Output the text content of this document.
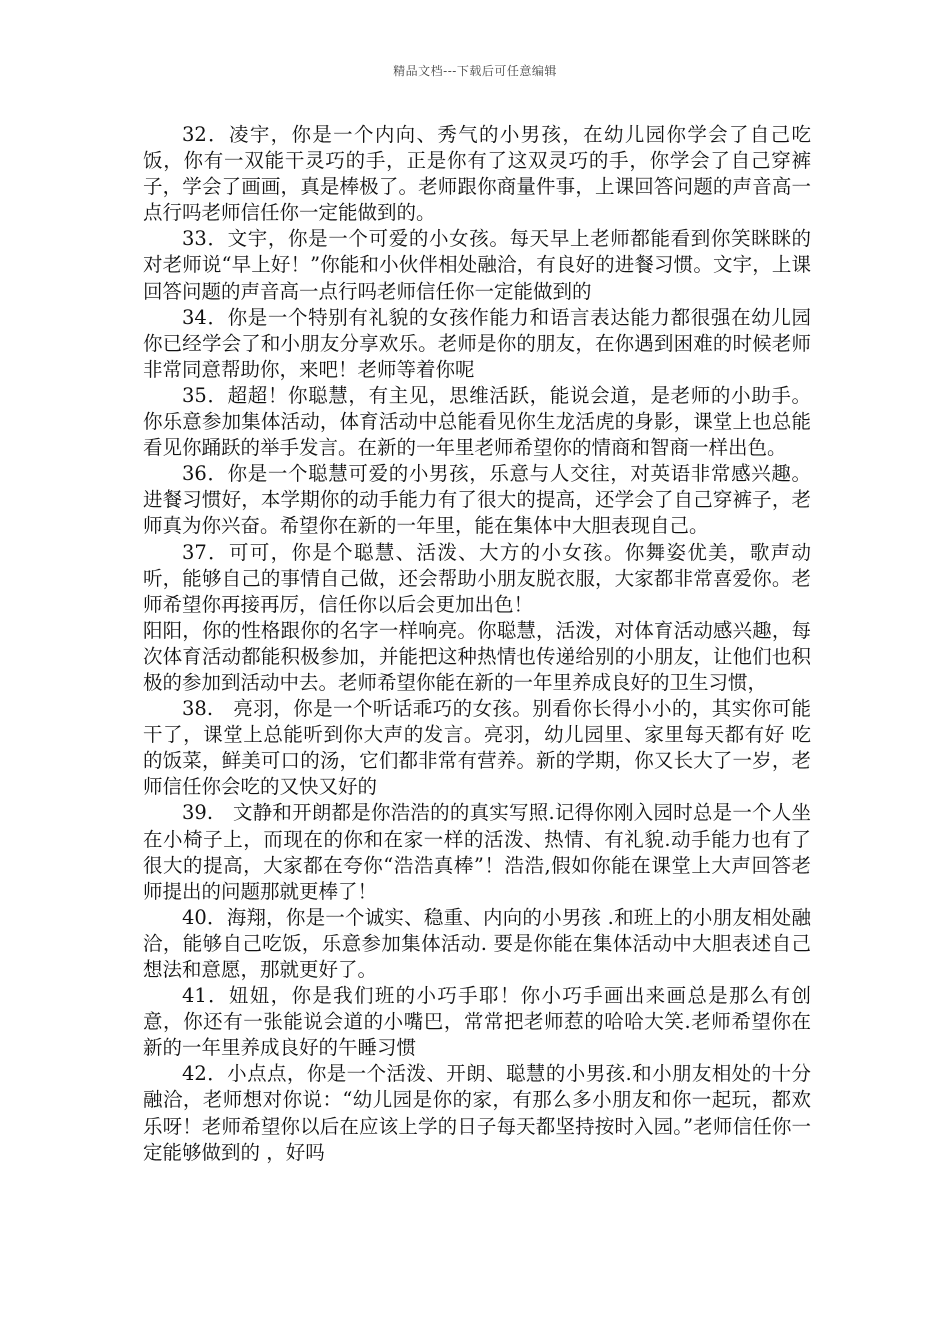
精品文档---下载后可任意编辑

32．凌宇，你是一个内向、秀气的小男孩，在幼儿园你学会了自己吃饭，你有一双能干灵巧的手，正是你有了这双灵巧的手，你学会了自己穿裤子，学会了画画，真是棒极了。老师跟你商量件事，上课回答问题的声音高一点行吗老师信任你一定能做到的。

33．文宇，你是一个可爱的小女孩。每天早上老师都能看到你笑眯眯的对老师说“早上好！”你能和小伙伴相处融洽，有良好的进餐习惯。文宇，上课回答问题的声音高一点行吗老师信任你一定能做到的

34．你是一个特别有礼貌的女孩作能力和语言表达能力都很强在幼儿园你已经学会了和小朋友分享欢乐。老师是你的朋友，在你遇到困难的时候老师非常同意帮助你，来吧！老师等着你呢

35．超超！你聪慧，有主见，思维活跃，能说会道，是老师的小助手。你乐意参加集体活动，体育活动中总能看见你生龙活虎的身影，课堂上也总能看见你踊跃的举手发言。在新的一年里老师希望你的情商和智商一样出色。

36．你是一个聪慧可爱的小男孩，乐意与人交往，对英语非常感兴趣。进餐习惯好，本学期你的动手能力有了很大的提高，还学会了自己穿裤子，老师真为你兴奋。希望你在新的一年里，能在集体中大胆表现自己。

37．可可，你是个聪慧、活泼、大方的小女孩。你舞姿优美，歌声动听，能够自己的事情自己做，还会帮助小朋友脱衣服，大家都非常喜爱你。老师希望你再接再厉，信任你以后会更加出色！

阳阳，你的性格跟你的名字一样响亮。你聪慧，活泼，对体育活动感兴趣，每次体育活动都能积极参加，并能把这种热情也传递给别的小朋友，让他们也积极的参加到活动中去。老师希望你能在新的一年里养成良好的卫生习惯，

38.　亮羽，你是一个听话乖巧的女孩。别看你长得小小的，其实你可能干了，课堂上总能听到你大声的发言。亮羽，幼儿园里、家里每天都有好 吃的饭菜，鲜美可口的汤，它们都非常有营养。新的学期，你又长大了一岁，老师信任你会吃的又快又好的

39.　文静和开朗都是你浩浩的的真实写照.记得你刚入园时总是一个人坐在小椅子上，而现在的你和在家一样的活泼、热情、有礼貌.动手能力也有了很大的提高，大家都在夸你“浩浩真棒”！浩浩,假如你能在课堂上大声回答老师提出的问题那就更棒了！

40．海翔，你是一个诚实、稳重、内向的小男孩 .和班上的小朋友相处融洽，能够自己吃饭，乐意参加集体活动. 要是你能在集体活动中大胆表述自己想法和意愿，那就更好了。

41．妞妞，你是我们班的小巧手耶！你小巧手画出来画总是那么有创意，你还有一张能说会道的小嘴巴，常常把老师惹的哈哈大笑.老师希望你在新的一年里养成良好的午睡习惯

42．小点点，你是一个活泼、开朗、聪慧的小男孩.和小朋友相处的十分融洽，老师想对你说：“幼儿园是你的家，有那么多小朋友和你一起玩，都欢乐呀！老师希望你以后在应该上学的日子每天都坚持按时入园。”老师信任你一定能够做到的 ，好吗
